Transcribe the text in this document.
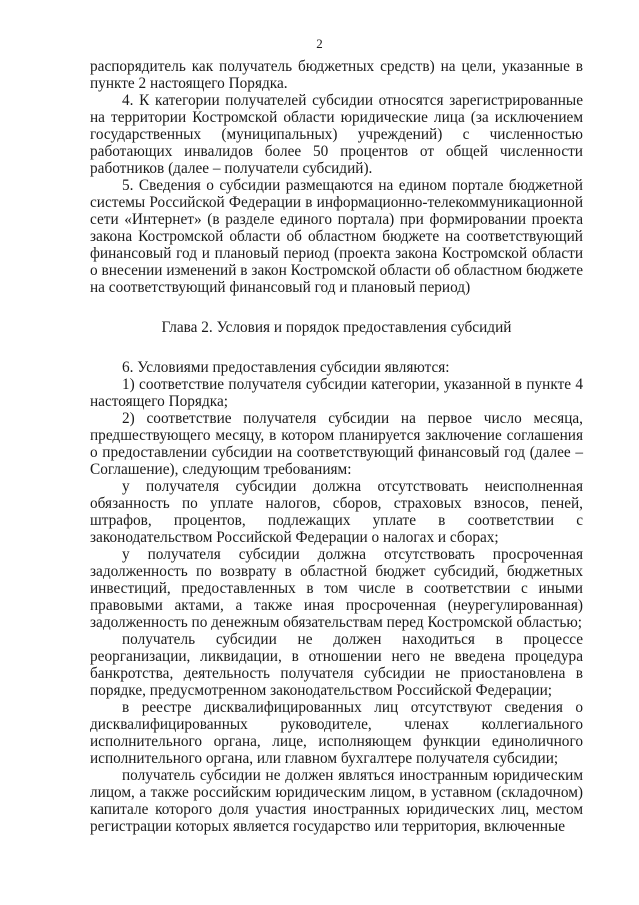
2

распорядитель как получатель бюджетных средств) на цели, указанные в пункте 2 настоящего Порядка.

4. К категории получателей субсидии относятся зарегистрированные на территории Костромской области юридические лица (за исключением государственных (муниципальных) учреждений) с численностью работающих инвалидов более 50 процентов от общей численности работников (далее – получатели субсидий).

5. Сведения о субсидии размещаются на едином портале бюджетной системы Российской Федерации в информационно-телекоммуникационной сети «Интернет» (в разделе единого портала) при формировании проекта закона Костромской области об областном бюджете на соответствующий финансовый год и плановый период (проекта закона Костромской области о внесении изменений в закон Костромской области об областном бюджете на соответствующий финансовый год и плановый период)

Глава 2. Условия и порядок предоставления субсидий

6. Условиями предоставления субсидии являются:

1) соответствие получателя субсидии категории, указанной в пункте 4 настоящего Порядка;

2) соответствие получателя субсидии на первое число месяца, предшествующего месяцу, в котором планируется заключение соглашения о предоставлении субсидии на соответствующий финансовый год (далее – Соглашение), следующим требованиям:

у получателя субсидии должна отсутствовать неисполненная обязанность по уплате налогов, сборов, страховых взносов, пеней, штрафов, процентов, подлежащих уплате в соответствии с законодательством Российской Федерации о налогах и сборах;

у получателя субсидии должна отсутствовать просроченная задолженность по возврату в областной бюджет субсидий, бюджетных инвестиций, предоставленных в том числе в соответствии с иными правовыми актами, а также иная просроченная (неурегулированная) задолженность по денежным обязательствам перед Костромской областью;

получатель субсидии не должен находиться в процессе реорганизации, ликвидации, в отношении него не введена процедура банкротства, деятельность получателя субсидии не приостановлена в порядке, предусмотренном законодательством Российской Федерации;

в реестре дисквалифицированных лиц отсутствуют сведения о дисквалифицированных руководителе, членах коллегиального исполнительного органа, лице, исполняющем функции единоличного исполнительного органа, или главном бухгалтере получателя субсидии;

получатель субсидии не должен являться иностранным юридическим лицом, а также российским юридическим лицом, в уставном (складочном) капитале которого доля участия иностранных юридических лиц, местом регистрации которых является государство или территория, включенные
